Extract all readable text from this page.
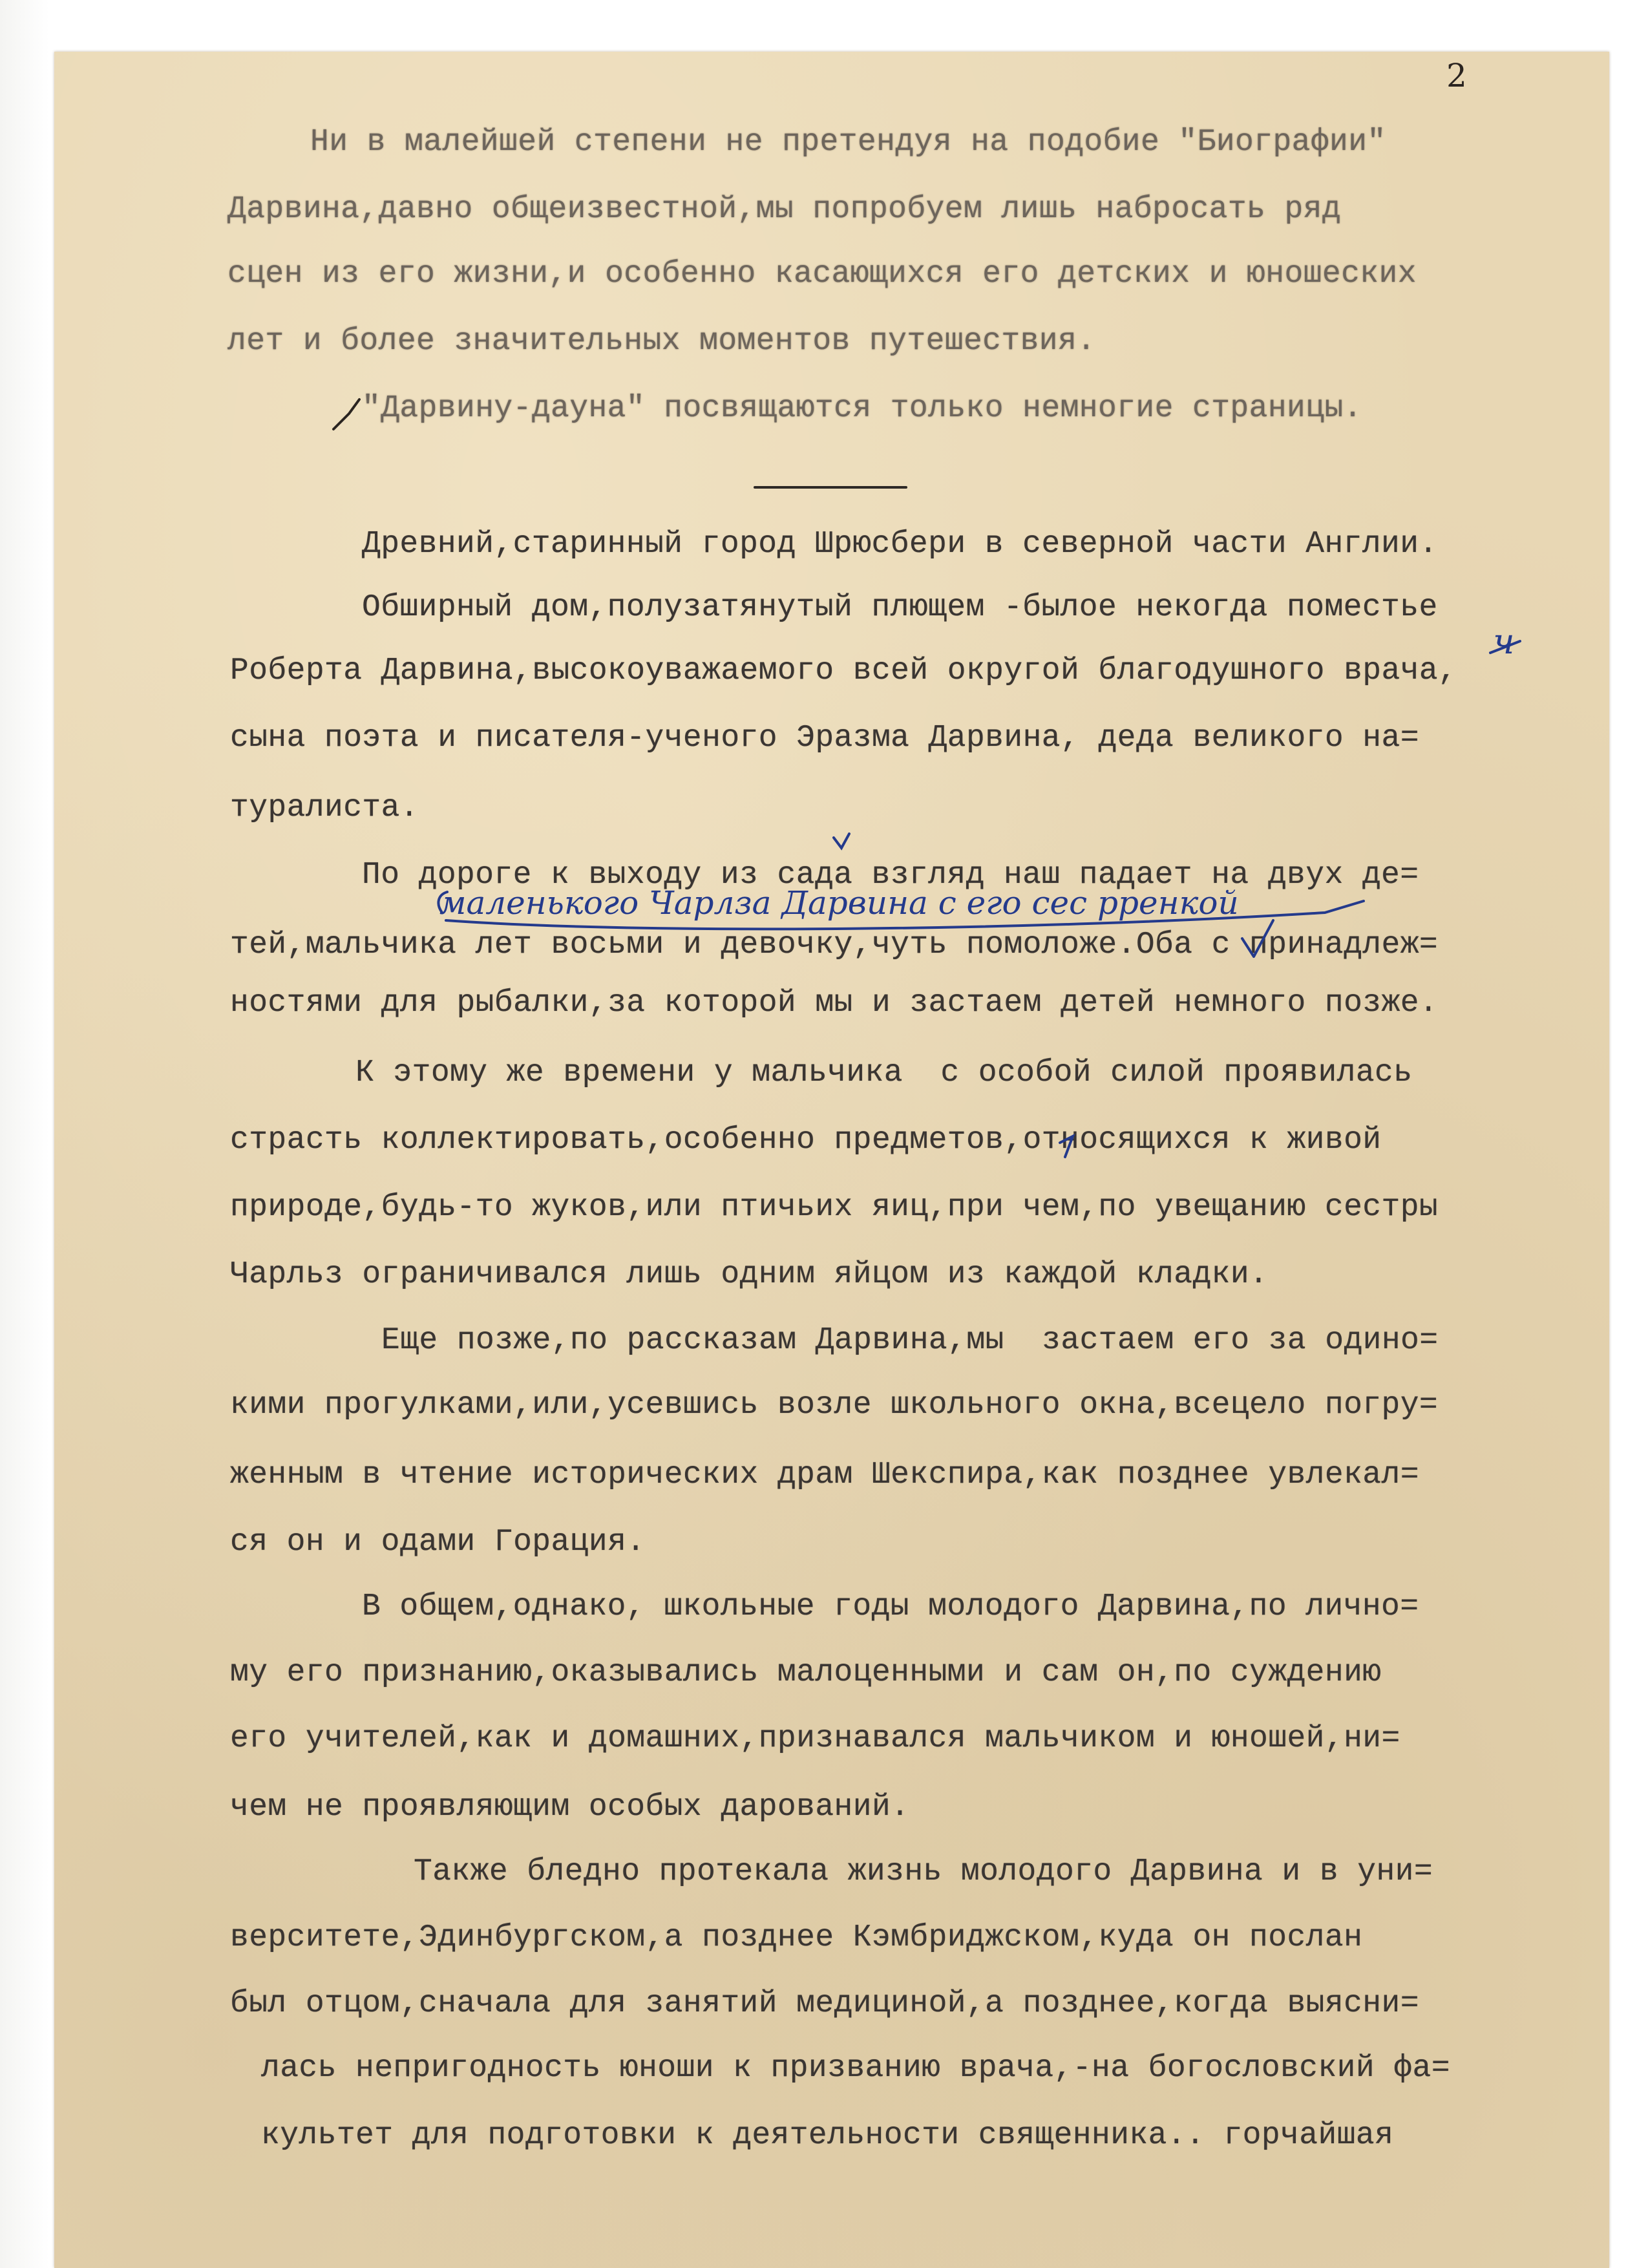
2
Ни в малейшей степени не претендуя на подобие "Биографии"
Дарвина,давно общеизвестной,мы попробуем лишь набросать ряд
сцен из его жизни,и особенно касающихся его детских и юношеских
лет и более значительных моментов путешествия.
"Дарвину-дауна" посвящаются только немногие страницы.
Древний,старинный город Шрюсбери в северной части Англии.
Обширный дом,полузатянутый плющем -былое некогда поместье
Роберта Дарвина,высокоуважаемого всей округой благодушного врача,
сына поэта и писателя-ученого Эразма Дарвина, деда великого на=
туралиста.
По дороге к выходу из сада взгляд наш падает на двух де=
тей,мальчика лет восьми и девочку,чуть помоложе.Оба с принадлеж=
ностями для рыбалки,за которой мы и застаем детей немного позже.
К этому же времени у мальчика  с особой силой проявилась
страсть коллектировать,особенно предметов,относящихся к живой
природе,будь-то жуков,или птичьих яиц,при чем,по увещанию сестры
Чарльз ограничивался лишь одним яйцом из каждой кладки.
Еще позже,по рассказам Дарвина,мы  застаем его за одино=
кими прогулками,или,усевшись возле школьного окна,всецело погру=
женным в чтение исторических драм Шекспира,как позднее увлекал=
ся он и одами Горация.
В общем,однако, школьные годы молодого Дарвина,по лично=
му его признанию,оказывались малоценными и сам он,по суждению
его учителей,как и домашних,признавался мальчиком и юношей,ни=
чем не проявляющим особых дарований.
Также бледно протекала жизнь молодого Дарвина и в уни=
верситете,Эдинбургском,а позднее Кэмбриджском,куда он послан
был отцом,сначала для занятий медициной,а позднее,когда выясни=
лась непригодность юноши к призванию врача,-на богословский фа=
культет для подготовки к деятельности священника.. горчайшая
маленького Чарлза Дарвина с его сес рренкой
ч
